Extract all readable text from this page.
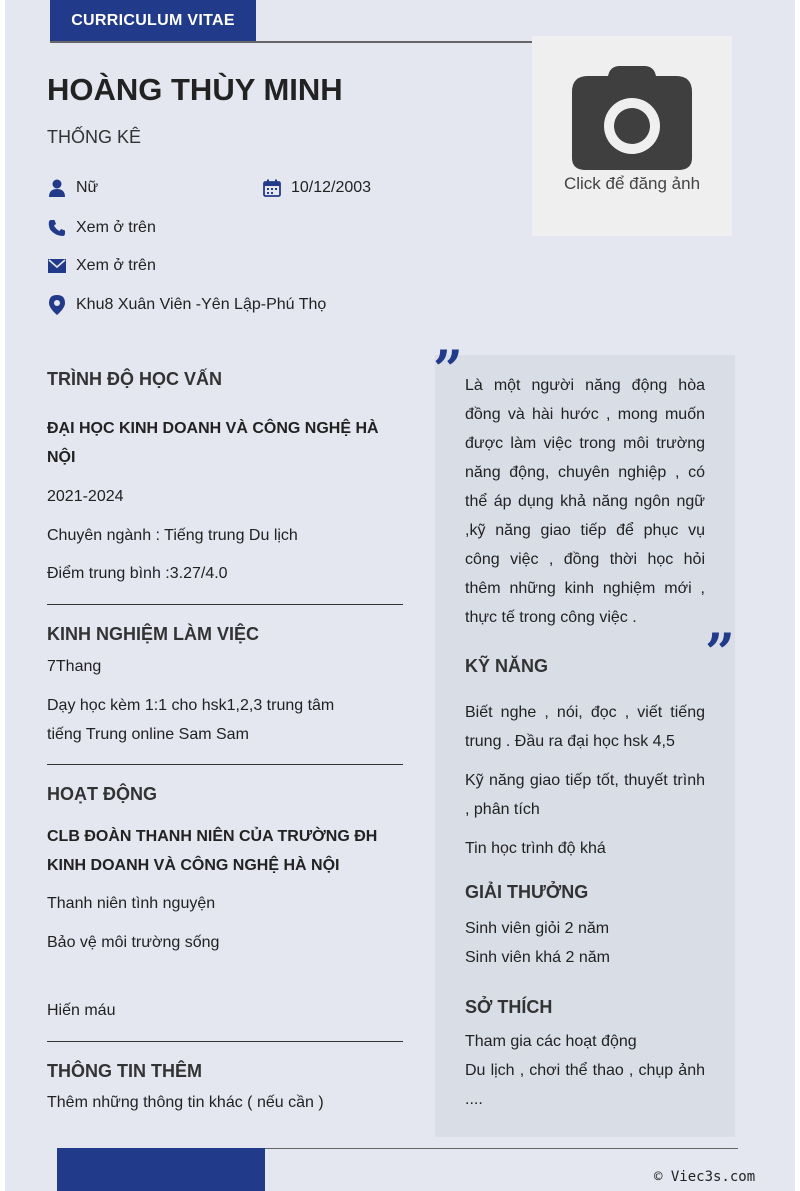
CURRICULUM VITAE
Click để đăng ảnh
HOÀNG THÙY MINH
THỐNG KÊ
Nữ	10/12/2003
Xem ở trên
Xem ở trên
Khu8 Xuân Viên -Yên Lập-Phú Thọ
TRÌNH ĐỘ HỌC VẤN
ĐẠI HỌC KINH DOANH VÀ CÔNG NGHỆ HÀ NỘI
2021-2024
Chuyên ngành : Tiếng trung Du lịch
Điểm trung bình :3.27/4.0
KINH NGHIỆM LÀM VIỆC
7Thang
Dạy học kèm 1:1 cho hsk1,2,3 trung tâm tiếng Trung online Sam Sam
HOẠT ĐỘNG
CLB ĐOÀN THANH NIÊN CỦA TRƯỜNG ĐH KINH DOANH VÀ CÔNG NGHỆ HÀ NỘI
Thanh niên tình nguyện
Bảo vệ môi trường sống
Hiến máu
THÔNG TIN THÊM
Thêm những thông tin khác ( nếu cần )
” Là một người năng động hòa đồng và hài hước , mong muốn được làm việc trong môi trường năng động, chuyên nghiệp , có thể áp dụng khả năng ngôn ngữ ,kỹ năng giao tiếp để phục vụ công việc , đồng thời học hỏi thêm những kinh nghiệm mới , thực tế trong công việc .
”
KỸ NĂNG
Biết nghe , nói, đọc , viết tiếng trung . Đầu ra đại học hsk 4,5
Kỹ năng giao tiếp tốt, thuyết trình , phân tích
Tin học trình độ khá
GIẢI THƯỞNG
Sinh viên giỏi 2 năm
Sinh viên khá 2 năm
SỞ THÍCH
Tham gia các hoạt động
Du lịch , chơi thể thao , chụp ảnh ....
© Viec3s.com
